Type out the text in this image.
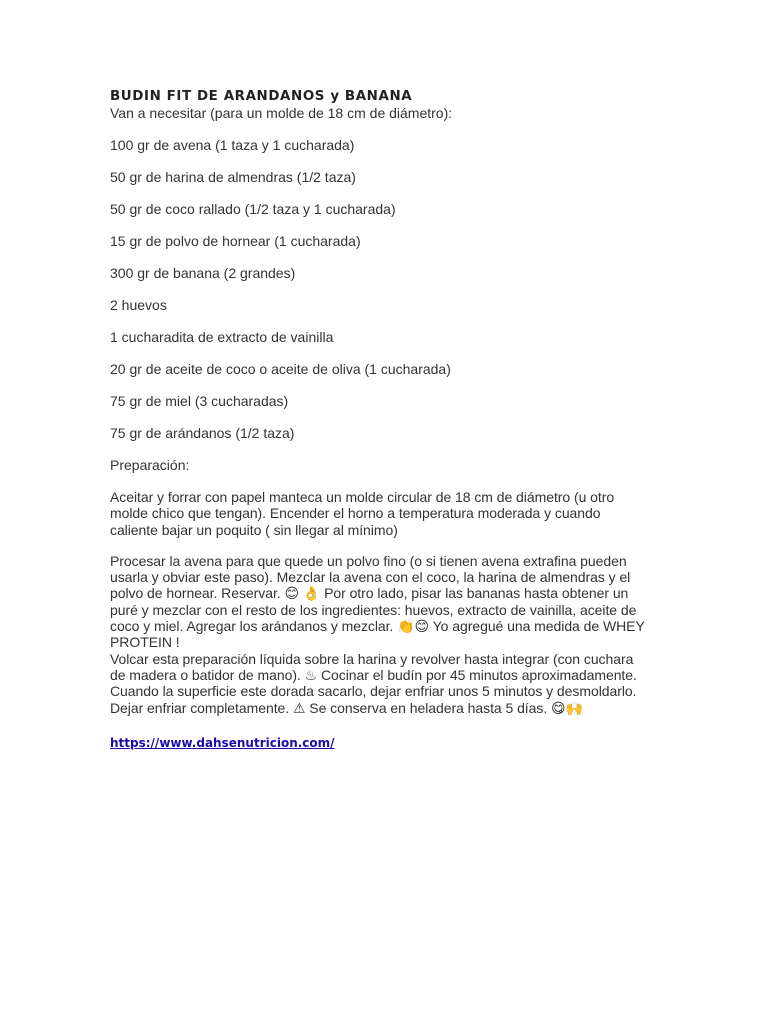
BUDIN FIT DE ARANDANOS y BANANA

Van a necesitar (para un molde de 18 cm de diámetro):

100 gr de avena (1 taza y 1 cucharada)
50 gr de harina de almendras (1/2 taza)
50 gr de coco rallado (1/2 taza y 1 cucharada)
15 gr de polvo de hornear (1 cucharada)
300 gr de banana (2 grandes)
2 huevos
1 cucharadita de extracto de vainilla
20 gr de aceite de coco o aceite de oliva (1 cucharada)
75 gr de miel (3 cucharadas)
75 gr de arándanos (1/2 taza)

Preparación:

Aceitar y forrar con papel manteca un molde circular de 18 cm de diámetro (u otro molde chico que tengan). Encender el horno a temperatura moderada y cuando caliente bajar un poquito ( sin llegar al mínimo)

Procesar la avena para que quede un polvo fino (o si tienen avena extrafina pueden usarla y obviar este paso). Mezclar la avena con el coco, la harina de almendras y el polvo de hornear. Reservar. 😊 👌 Por otro lado, pisar las bananas hasta obtener un puré y mezclar con el resto de los ingredientes: huevos, extracto de vainilla, aceite de coco y miel. Agregar los arándanos y mezclar. 👏😊 Yo agregué una medida de WHEY PROTEIN !

Volcar esta preparación líquida sobre la harina y revolver hasta integrar (con cuchara de madera o batidor de mano). ♨ Cocinar el budín por 45 minutos aproximadamente. Cuando la superficie este dorada sacarlo, dejar enfriar unos 5 minutos y desmoldarlo. Dejar enfriar completamente. ⚠ Se conserva en heladera hasta 5 días. 😋🙌

https://www.dahsenutricion.com/
